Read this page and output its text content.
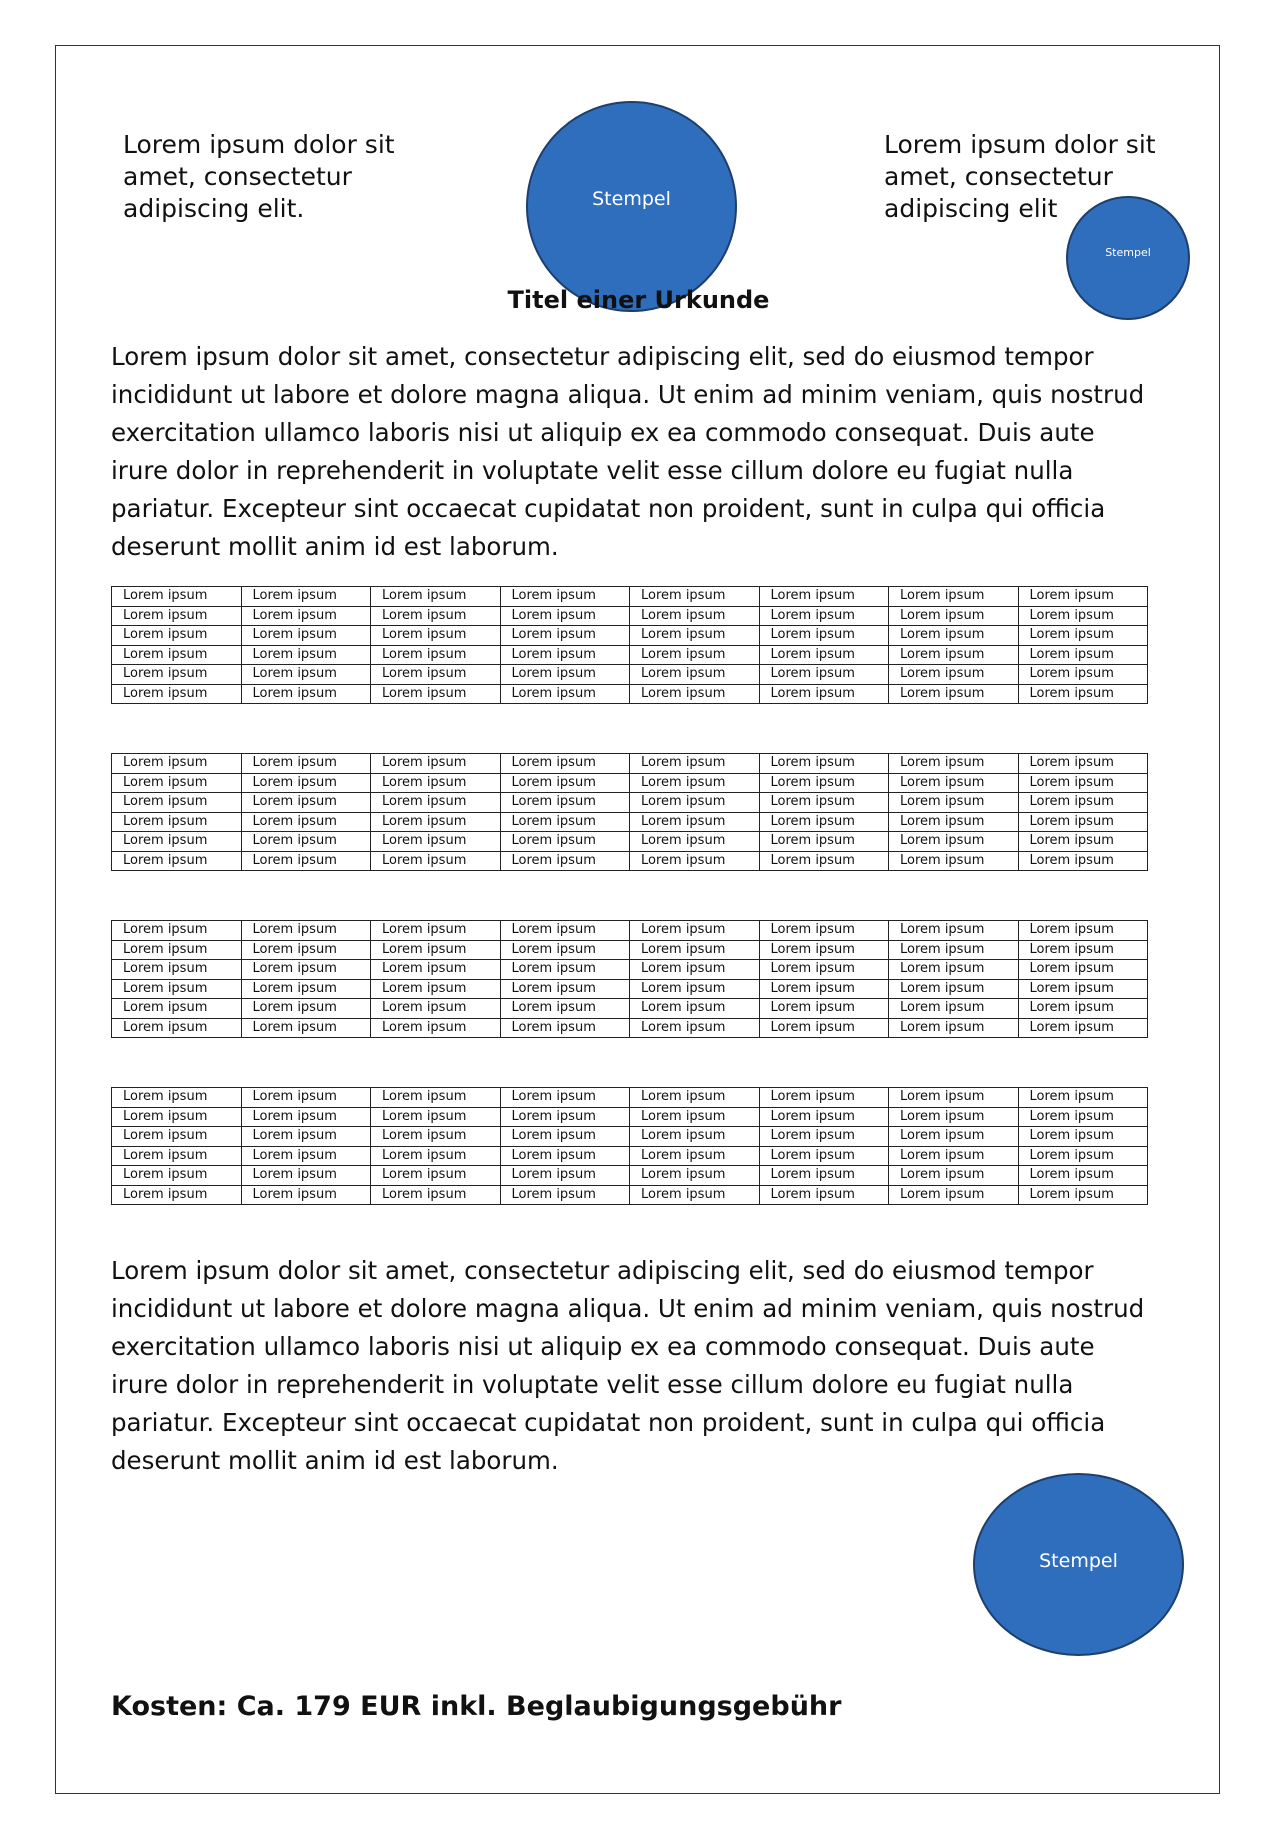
Lorem ipsum dolor sit amet, consectetur adipiscing elit.	Stempel
Lorem ipsum dolor sit amet, consectetur adipiscing elit
Stempel
Titel einer Urkunde

Lorem ipsum dolor sit amet, consectetur adipiscing elit, sed do eiusmod tempor incididunt ut labore et dolore magna aliqua. Ut enim ad minim veniam, quis nostrud exercitation ullamco laboris nisi ut aliquip ex ea commodo consequat. Duis aute irure dolor in reprehenderit in voluptate velit esse cillum dolore eu fugiat nulla pariatur. Excepteur sint occaecat cupidatat non proident, sunt in culpa qui officia deserunt mollit anim id est laborum.

Lorem ipsum	Lorem ipsum	Lorem ipsum	Lorem ipsum	Lorem ipsum	Lorem ipsum	Lorem ipsum	Lorem ipsum
Lorem ipsum	Lorem ipsum	Lorem ipsum	Lorem ipsum	Lorem ipsum	Lorem ipsum	Lorem ipsum	Lorem ipsum
Lorem ipsum	Lorem ipsum	Lorem ipsum	Lorem ipsum	Lorem ipsum	Lorem ipsum	Lorem ipsum	Lorem ipsum
Lorem ipsum	Lorem ipsum	Lorem ipsum	Lorem ipsum	Lorem ipsum	Lorem ipsum	Lorem ipsum	Lorem ipsum
Lorem ipsum	Lorem ipsum	Lorem ipsum	Lorem ipsum	Lorem ipsum	Lorem ipsum	Lorem ipsum	Lorem ipsum
Lorem ipsum	Lorem ipsum	Lorem ipsum	Lorem ipsum	Lorem ipsum	Lorem ipsum	Lorem ipsum	Lorem ipsum
Lorem ipsum	Lorem ipsum	Lorem ipsum	Lorem ipsum	Lorem ipsum	Lorem ipsum	Lorem ipsum	Lorem ipsum
Lorem ipsum	Lorem ipsum	Lorem ipsum	Lorem ipsum	Lorem ipsum	Lorem ipsum	Lorem ipsum	Lorem ipsum
Lorem ipsum	Lorem ipsum	Lorem ipsum	Lorem ipsum	Lorem ipsum	Lorem ipsum	Lorem ipsum	Lorem ipsum
Lorem ipsum	Lorem ipsum	Lorem ipsum	Lorem ipsum	Lorem ipsum	Lorem ipsum	Lorem ipsum	Lorem ipsum
Lorem ipsum	Lorem ipsum	Lorem ipsum	Lorem ipsum	Lorem ipsum	Lorem ipsum	Lorem ipsum	Lorem ipsum
Lorem ipsum	Lorem ipsum	Lorem ipsum	Lorem ipsum	Lorem ipsum	Lorem ipsum	Lorem ipsum	Lorem ipsum
Lorem ipsum	Lorem ipsum	Lorem ipsum	Lorem ipsum	Lorem ipsum	Lorem ipsum	Lorem ipsum	Lorem ipsum
Lorem ipsum	Lorem ipsum	Lorem ipsum	Lorem ipsum	Lorem ipsum	Lorem ipsum	Lorem ipsum	Lorem ipsum
Lorem ipsum	Lorem ipsum	Lorem ipsum	Lorem ipsum	Lorem ipsum	Lorem ipsum	Lorem ipsum	Lorem ipsum
Lorem ipsum	Lorem ipsum	Lorem ipsum	Lorem ipsum	Lorem ipsum	Lorem ipsum	Lorem ipsum	Lorem ipsum
Lorem ipsum	Lorem ipsum	Lorem ipsum	Lorem ipsum	Lorem ipsum	Lorem ipsum	Lorem ipsum	Lorem ipsum
Lorem ipsum	Lorem ipsum	Lorem ipsum	Lorem ipsum	Lorem ipsum	Lorem ipsum	Lorem ipsum	Lorem ipsum
Lorem ipsum	Lorem ipsum	Lorem ipsum	Lorem ipsum	Lorem ipsum	Lorem ipsum	Lorem ipsum	Lorem ipsum
Lorem ipsum	Lorem ipsum	Lorem ipsum	Lorem ipsum	Lorem ipsum	Lorem ipsum	Lorem ipsum	Lorem ipsum
Lorem ipsum	Lorem ipsum	Lorem ipsum	Lorem ipsum	Lorem ipsum	Lorem ipsum	Lorem ipsum	Lorem ipsum
Lorem ipsum	Lorem ipsum	Lorem ipsum	Lorem ipsum	Lorem ipsum	Lorem ipsum	Lorem ipsum	Lorem ipsum
Lorem ipsum	Lorem ipsum	Lorem ipsum	Lorem ipsum	Lorem ipsum	Lorem ipsum	Lorem ipsum	Lorem ipsum
Lorem ipsum	Lorem ipsum	Lorem ipsum	Lorem ipsum	Lorem ipsum	Lorem ipsum	Lorem ipsum	Lorem ipsum

Lorem ipsum dolor sit amet, consectetur adipiscing elit, sed do eiusmod tempor incididunt ut labore et dolore magna aliqua. Ut enim ad minim veniam, quis nostrud exercitation ullamco laboris nisi ut aliquip ex ea commodo consequat. Duis aute irure dolor in reprehenderit in voluptate velit esse cillum dolore eu fugiat nulla pariatur. Excepteur sint occaecat cupidatat non proident, sunt in culpa qui officia deserunt mollit anim id est laborum.

Stempel
Kosten: Ca. 179 EUR inkl. Beglaubigungsgebühr
